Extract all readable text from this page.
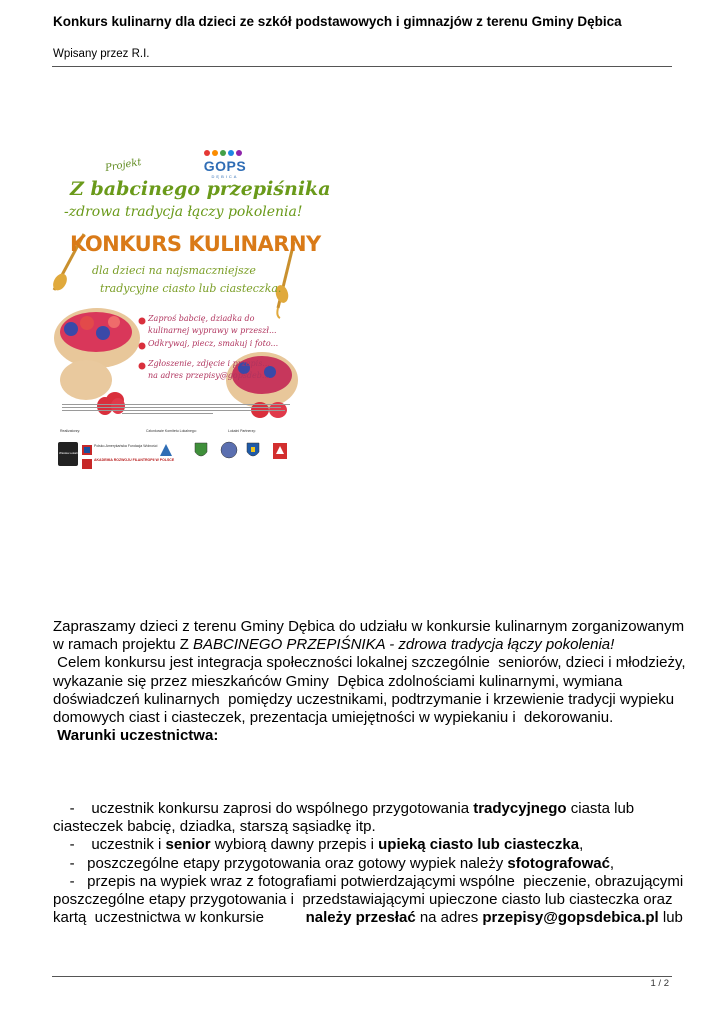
Konkurs kulinarny dla dzieci ze szkół podstawowych i gimnazjów z terenu Gminy Dębica
Wpisany przez R.I.
GOPS
DĘBICA
Projekt
Z babcinego przepiśnika
-zdrowa tradycja łączy pokolenia!
KONKURS KULINARNY
dla dzieci na najsmaczniejsze
tradycyjne ciasto lub ciasteczka.
Zaproś babcię, dziadka do
kulinarnej wyprawy w przeszł...
Odkrywaj, piecz, smakuj i foto...
Zgłoszenie, zdjęcie i przepis...
na adres przepisy@gopsdeb...
Realizatorzy:	Członkowie Komitetu Lokalnego:	Lokalni Partnerzy:
Wioska Lokalna
Polsko-Amerykańska Fundacja Wolności
AKADEMIA ROZWOJU FILANTROPII W POLSCE

Zapraszamy dzieci z terenu Gminy Dębica do udziału w konkursie kulinarnym zorganizowanym

w ramach projektu Z BABCINEGO PRZEPIŚNIKA - zdrowa tradycja łączy pokolenia!

Celem konkursu jest integracja społeczności lokalnej szczególnie  seniorów, dzieci i młodzieży,

wykazanie się przez mieszkańców Gminy  Dębica zdolnościami kulinarnymi, wymiana

doświadczeń kulinarnych  pomiędzy uczestnikami, podtrzymanie i krzewienie tradycji wypieku

domowych ciast i ciasteczek, prezentacja umiejętności w wypiekaniu i  dekorowaniu.

Warunki uczestnictwa:

-    uczestnik konkursu zaprosi do wspólnego przygotowania tradycyjnego ciasta lub

ciasteczek babcię, dziadka, starszą sąsiadkę itp.

-    uczestnik i senior wybiorą dawny przepis i upieką ciasto lub ciasteczka,

-   poszczególne etapy przygotowania oraz gotowy wypiek należy sfotografować,

-   przepis na wypiek wraz z fotografiami potwierdzającymi wspólne  pieczenie, obrazującymi

poszczególne etapy przygotowania i  przedstawiającymi upieczone ciasto lub ciasteczka oraz

kartą  uczestnictwa w konkursie          należy przesłać na adres przepisy@gopsdebica.pl lub

1 / 2
